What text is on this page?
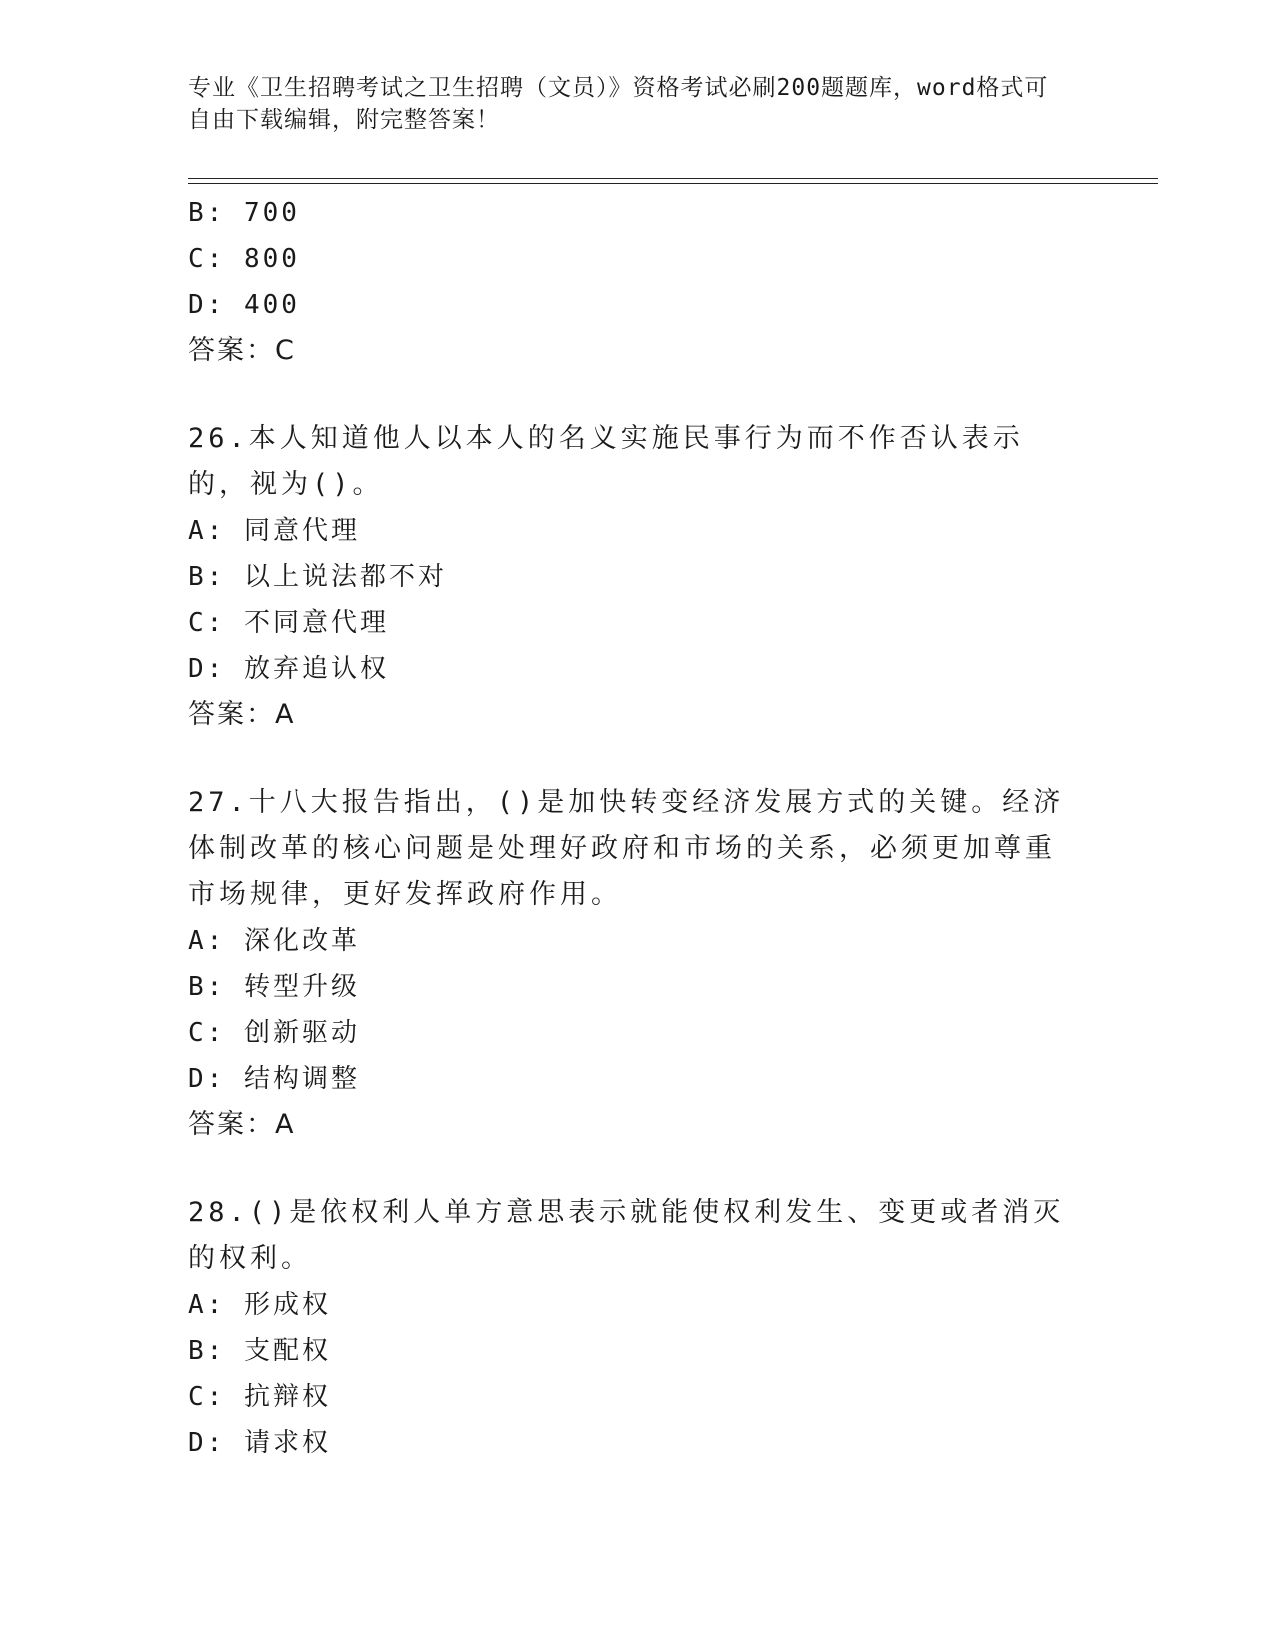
专业《卫生招聘考试之卫生招聘（文员）》资格考试必刷200题题库，word格式可自由下载编辑，附完整答案！
B: 700
C: 800
D: 400
答案：C
26.本人知道他人以本人的名义实施民事行为而不作否认表示的，视为()。
A: 同意代理
B: 以上说法都不对
C: 不同意代理
D: 放弃追认权
答案：A
27.十八大报告指出，()是加快转变经济发展方式的关键。经济体制改革的核心问题是处理好政府和市场的关系，必须更加尊重市场规律，更好发挥政府作用。
A: 深化改革
B: 转型升级
C: 创新驱动
D: 结构调整
答案：A
28.()是依权利人单方意思表示就能使权利发生、变更或者消灭的权利。
A: 形成权
B: 支配权
C: 抗辩权
D: 请求权
